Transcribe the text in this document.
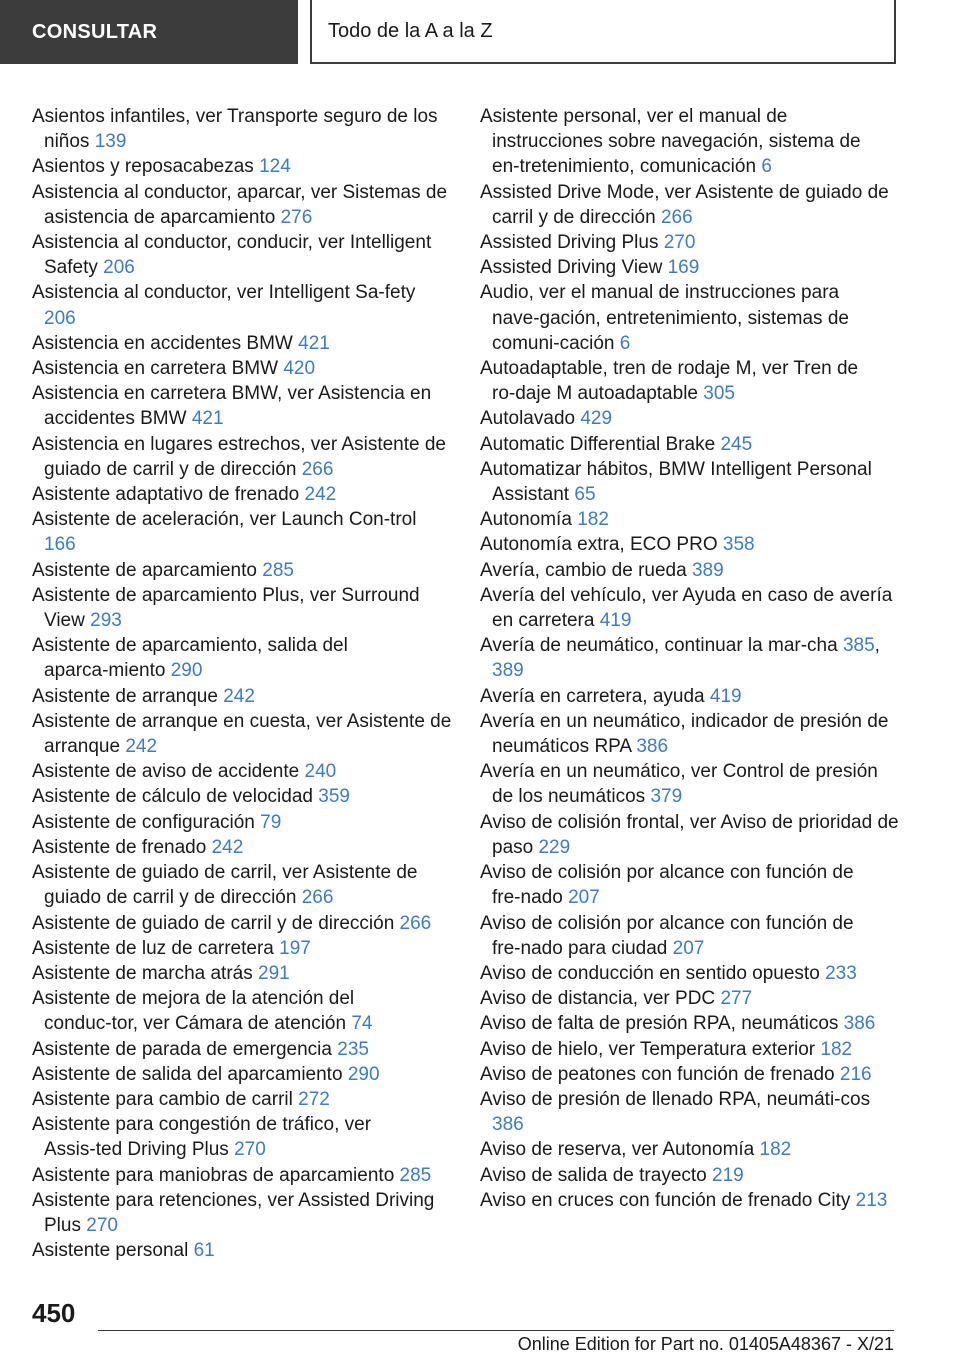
CONSULTAR	Todo de la A a la Z
Asientos infantiles, ver Transporte seguro de los niños 139
Asientos y reposacabezas 124
Asistencia al conductor, aparcar, ver Sistemas de asistencia de aparcamiento 276
Asistencia al conductor, conducir, ver Intelligent Safety 206
Asistencia al conductor, ver Intelligent Sa‑fety 206
Asistencia en accidentes BMW 421
Asistencia en carretera BMW 420
Asistencia en carretera BMW, ver Asistencia en accidentes BMW 421
Asistencia en lugares estrechos, ver Asistente de guiado de carril y de dirección 266
Asistente adaptativo de frenado 242
Asistente de aceleración, ver Launch Con‑trol 166
Asistente de aparcamiento 285
Asistente de aparcamiento Plus, ver Surround View 293
Asistente de aparcamiento, salida del aparca‑miento 290
Asistente de arranque 242
Asistente de arranque en cuesta, ver Asistente de arranque 242
Asistente de aviso de accidente 240
Asistente de cálculo de velocidad 359
Asistente de configuración 79
Asistente de frenado 242
Asistente de guiado de carril, ver Asistente de guiado de carril y de dirección 266
Asistente de guiado de carril y de dirección 266
Asistente de luz de carretera 197
Asistente de marcha atrás 291
Asistente de mejora de la atención del conduc‑tor, ver Cámara de atención 74
Asistente de parada de emergencia 235
Asistente de salida del aparcamiento 290
Asistente para cambio de carril 272
Asistente para congestión de tráfico, ver Assis‑ted Driving Plus 270
Asistente para maniobras de aparcamiento 285
Asistente para retenciones, ver Assisted Driving Plus 270
Asistente personal 61
Asistente personal, ver el manual de instrucciones sobre navegación, sistema de en‑tretenimiento, comunicación 6
Assisted Drive Mode, ver Asistente de guiado de carril y de dirección 266
Assisted Driving Plus 270
Assisted Driving View 169
Audio, ver el manual de instrucciones para nave‑gación, entretenimiento, sistemas de comuni‑cación 6
Autoadaptable, tren de rodaje M, ver Tren de ro‑daje M autoadaptable 305
Autolavado 429
Automatic Differential Brake 245
Automatizar hábitos, BMW Intelligent Personal Assistant 65
Autonomía 182
Autonomía extra, ECO PRO 358
Avería, cambio de rueda 389
Avería del vehículo, ver Ayuda en caso de avería en carretera 419
Avería de neumático, continuar la mar‑cha 385, 389
Avería en carretera, ayuda 419
Avería en un neumático, indicador de presión de neumáticos RPA 386
Avería en un neumático, ver Control de presión de los neumáticos 379
Aviso de colisión frontal, ver Aviso de prioridad de paso 229
Aviso de colisión por alcance con función de fre‑nado 207
Aviso de colisión por alcance con función de fre‑nado para ciudad 207
Aviso de conducción en sentido opuesto 233
Aviso de distancia, ver PDC 277
Aviso de falta de presión RPA, neumáticos 386
Aviso de hielo, ver Temperatura exterior 182
Aviso de peatones con función de frenado 216
Aviso de presión de llenado RPA, neumáti‑cos 386
Aviso de reserva, ver Autonomía 182
Aviso de salida de trayecto 219
Aviso en cruces con función de frenado City 213
450
Online Edition for Part no. 01405A48367 - X/21
